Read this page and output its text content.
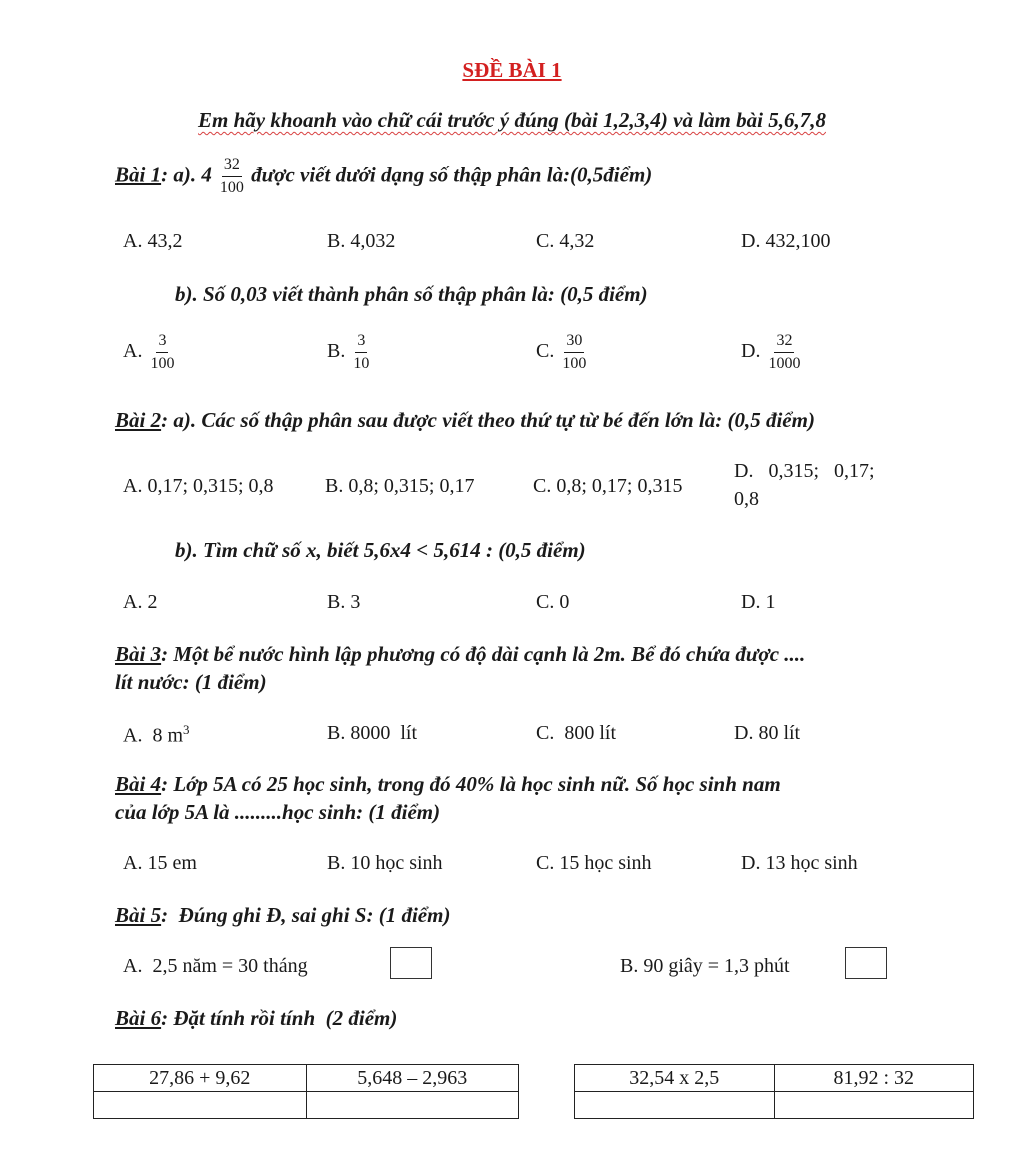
SĐỀ BÀI 1
Em hãy khoanh vào chữ cái trước ý đúng (bài 1,2,3,4) và làm bài 5,6,7,8
Bài 1: a). $4 \frac{32}{100}$ được viết dưới dạng số thập phân là:(0,5điểm)
A. 43,2	B. 4,032	C. 4,32	D. 432,100
b). Số 0,03 viết thành phân số thập phân là: (0,5 điểm)
A. $\frac{3}{100}$	B. $\frac{3}{10}$	C. $\frac{30}{100}$	D. $\frac{32}{1000}$
Bài 2: a). Các số thập phân sau được viết theo thứ tự từ bé đến lớn là: (0,5 điểm)
A. 0,17; 0,315; 0,8	B. 0,8; 0,315; 0,17	C. 0,8; 0,17; 0,315
D.   0,315;   0,17;
0,8
b). Tìm chữ số x, biết 5,6x4 < 5,614 : (0,5 điểm)
A. 2	B. 3	C. 0	D. 1
Bài 3: Một bể nước hình lập phương có độ dài cạnh là 2m. Bể đó chứa được ....
lít nước: (1 điểm)
A.  8 $m^3$	B. 8000  lít	C.  800 lít	D. 80 lít
Bài 4: Lớp 5A có 25 học sinh, trong đó 40% là học sinh nữ. Số học sinh nam
của lớp 5A là .........học sinh: (1 điểm)
A. 15 em	B. 10 học sinh	C. 15 học sinh	D. 13 học sinh
Bài 5:  Đúng ghi Đ, sai ghi S: (1 điểm)
A.  2,5 năm = 30 tháng	B. 90 giây = 1,3 phút
Bài 6: Đặt tính rồi tính  (2 điểm)
27,86 + 9,62	5,648 – 2,963
		32,54 x 2,5	81,92 : 32
